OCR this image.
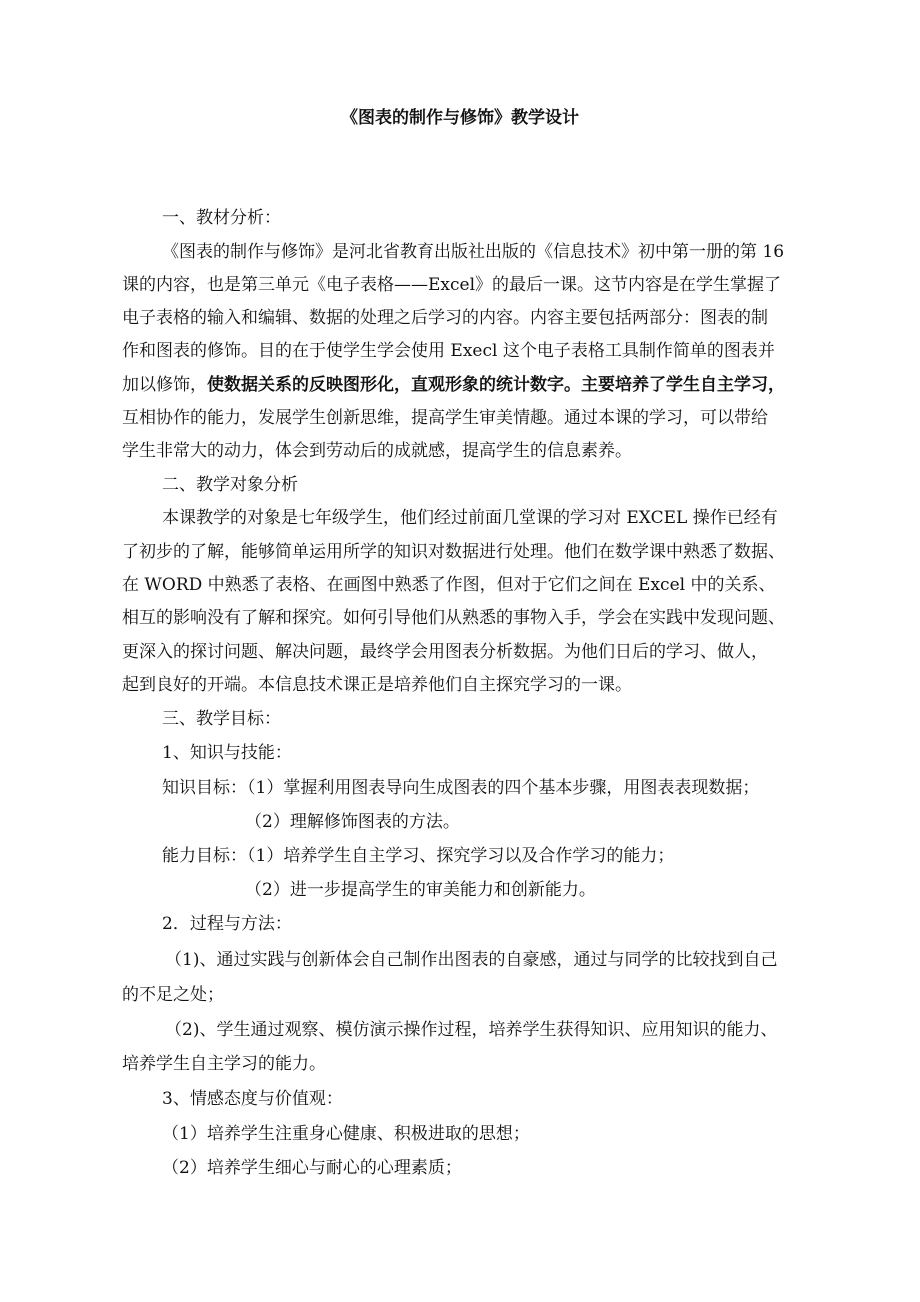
《图表的制作与修饰》教学设计

一、教材分析：

《图表的制作与修饰》是河北省教育出版社出版的《信息技术》初中第一册的第 16

课的内容，也是第三单元《电子表格——Excel》的最后一课。这节内容是在学生掌握了

电子表格的输入和编辑、数据的处理之后学习的内容。内容主要包括两部分：图表的制

作和图表的修饰。目的在于使学生学会使用 Execl 这个电子表格工具制作简单的图表并

加以修饰，使数据关系的反映图形化，直观形象的统计数字。主要培养了学生自主学习，

互相协作的能力，发展学生创新思维，提高学生审美情趣。通过本课的学习，可以带给

学生非常大的动力，体会到劳动后的成就感，提高学生的信息素养。

二、教学对象分析

本课教学的对象是七年级学生，他们经过前面几堂课的学习对 EXCEL 操作已经有

了初步的了解，能够简单运用所学的知识对数据进行处理。他们在数学课中熟悉了数据、

在 WORD 中熟悉了表格、在画图中熟悉了作图，但对于它们之间在 Excel 中的关系、

相互的影响没有了解和探究。如何引导他们从熟悉的事物入手，学会在实践中发现问题、

更深入的探讨问题、解决问题，最终学会用图表分析数据。为他们日后的学习、做人，

起到良好的开端。本信息技术课正是培养他们自主探究学习的一课。

三、教学目标：

1、知识与技能：

知识目标：（1）掌握利用图表导向生成图表的四个基本步骤，用图表表现数据；

（2）理解修饰图表的方法。

能力目标：（1）培养学生自主学习、探究学习以及合作学习的能力；

（2）进一步提高学生的审美能力和创新能力。

2．过程与方法：

（1)、通过实践与创新体会自己制作出图表的自豪感，通过与同学的比较找到自己

的不足之处；

（2)、学生通过观察、模仿演示操作过程，培养学生获得知识、应用知识的能力、

培养学生自主学习的能力。

3、情感态度与价值观：

（1）培养学生注重身心健康、积极进取的思想；

（2）培养学生细心与耐心的心理素质；
